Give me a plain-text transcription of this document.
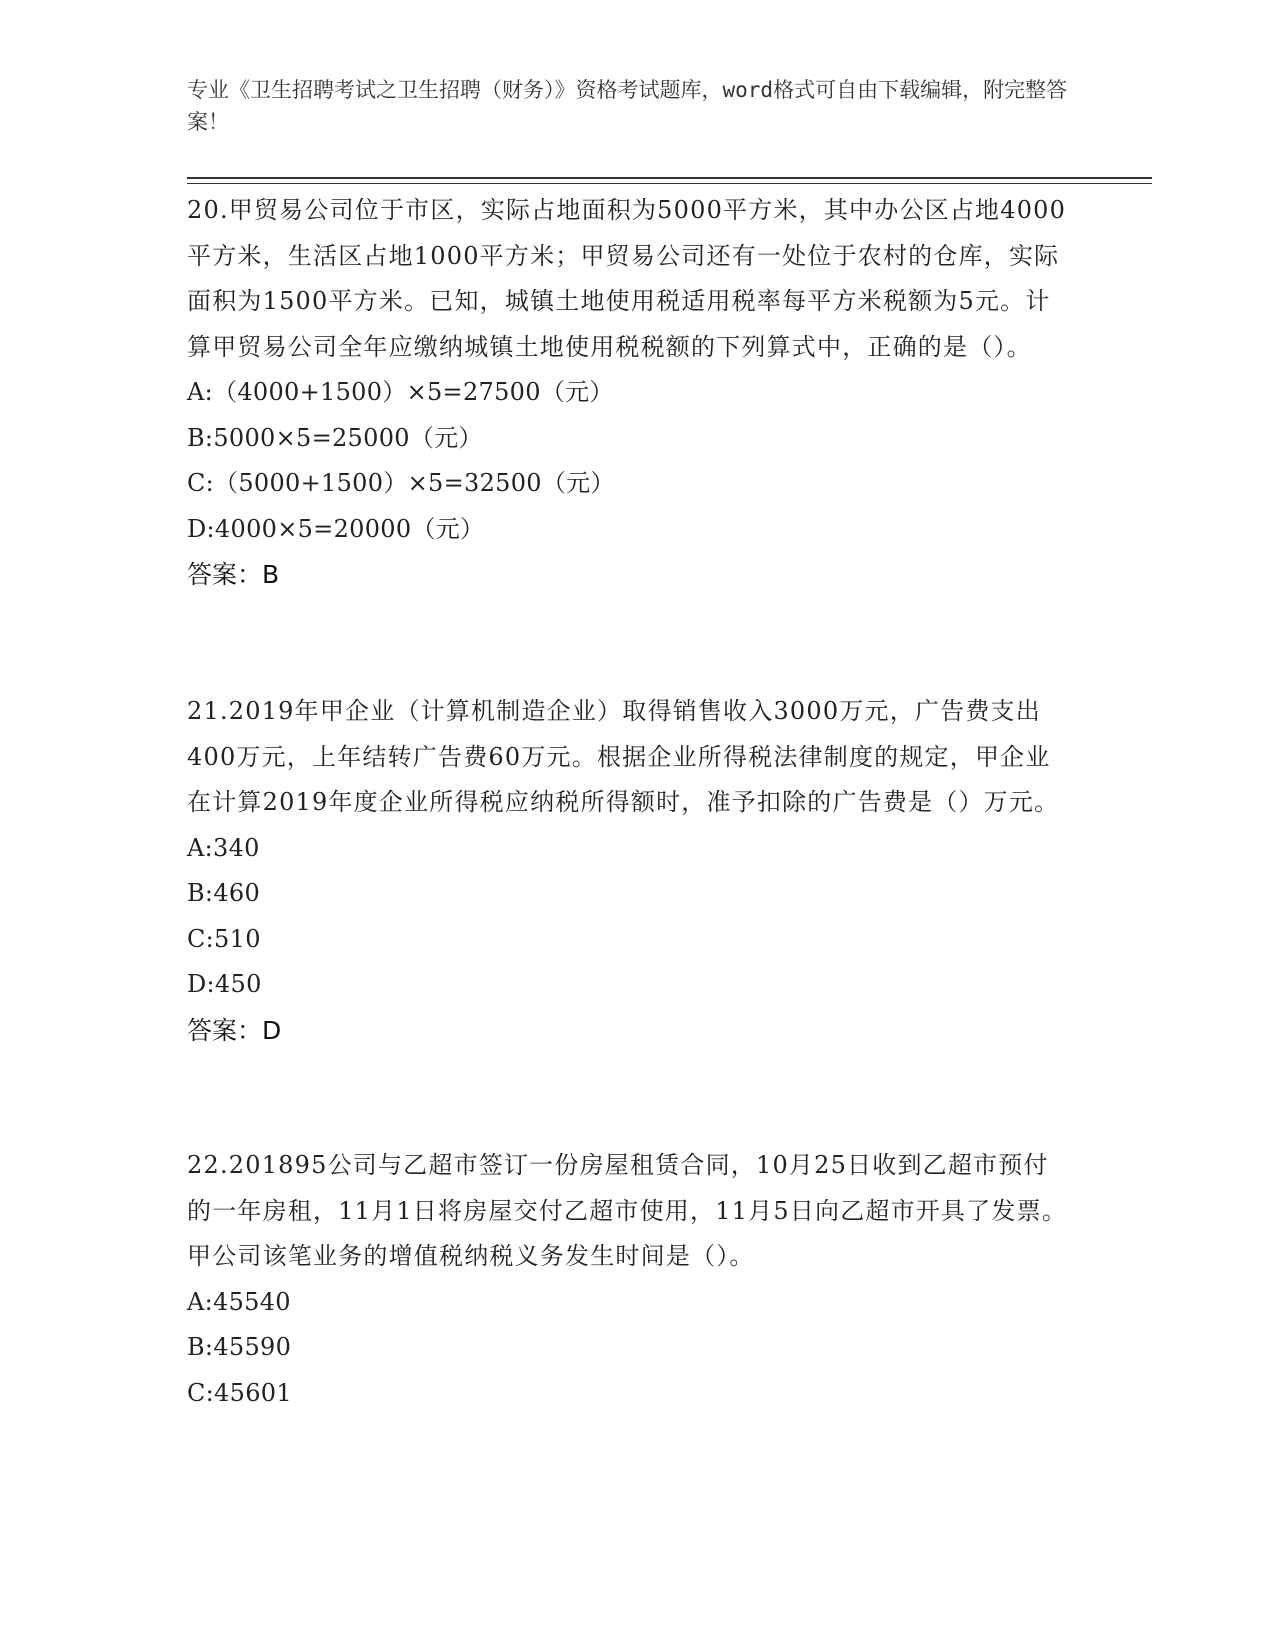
专业《卫生招聘考试之卫生招聘（财务）》资格考试题库，word格式可自由下载编辑，附完整答案！
20.甲贸易公司位于市区，实际占地面积为5000平方米，其中办公区占地4000平方米，生活区占地1000平方米；甲贸易公司还有一处位于农村的仓库，实际面积为1500平方米。已知，城镇土地使用税适用税率每平方米税额为5元。计算甲贸易公司全年应缴纳城镇土地使用税税额的下列算式中，正确的是（）。
A:（4000+1500）×5=27500（元）
B:5000×5=25000（元）
C:（5000+1500）×5=32500（元）
D:4000×5=20000（元）
答案：B
21.2019年甲企业（计算机制造企业）取得销售收入3000万元，广告费支出400万元，上年结转广告费60万元。根据企业所得税法律制度的规定，甲企业在计算2019年度企业所得税应纳税所得额时，准予扣除的广告费是（）万元。
A:340
B:460
C:510
D:450
答案：D
22.201895公司与乙超市签订一份房屋租赁合同，10月25日收到乙超市预付的一年房租，11月1日将房屋交付乙超市使用，11月5日向乙超市开具了发票。甲公司该笔业务的增值税纳税义务发生时间是（）。
A:45540
B:45590
C:45601
